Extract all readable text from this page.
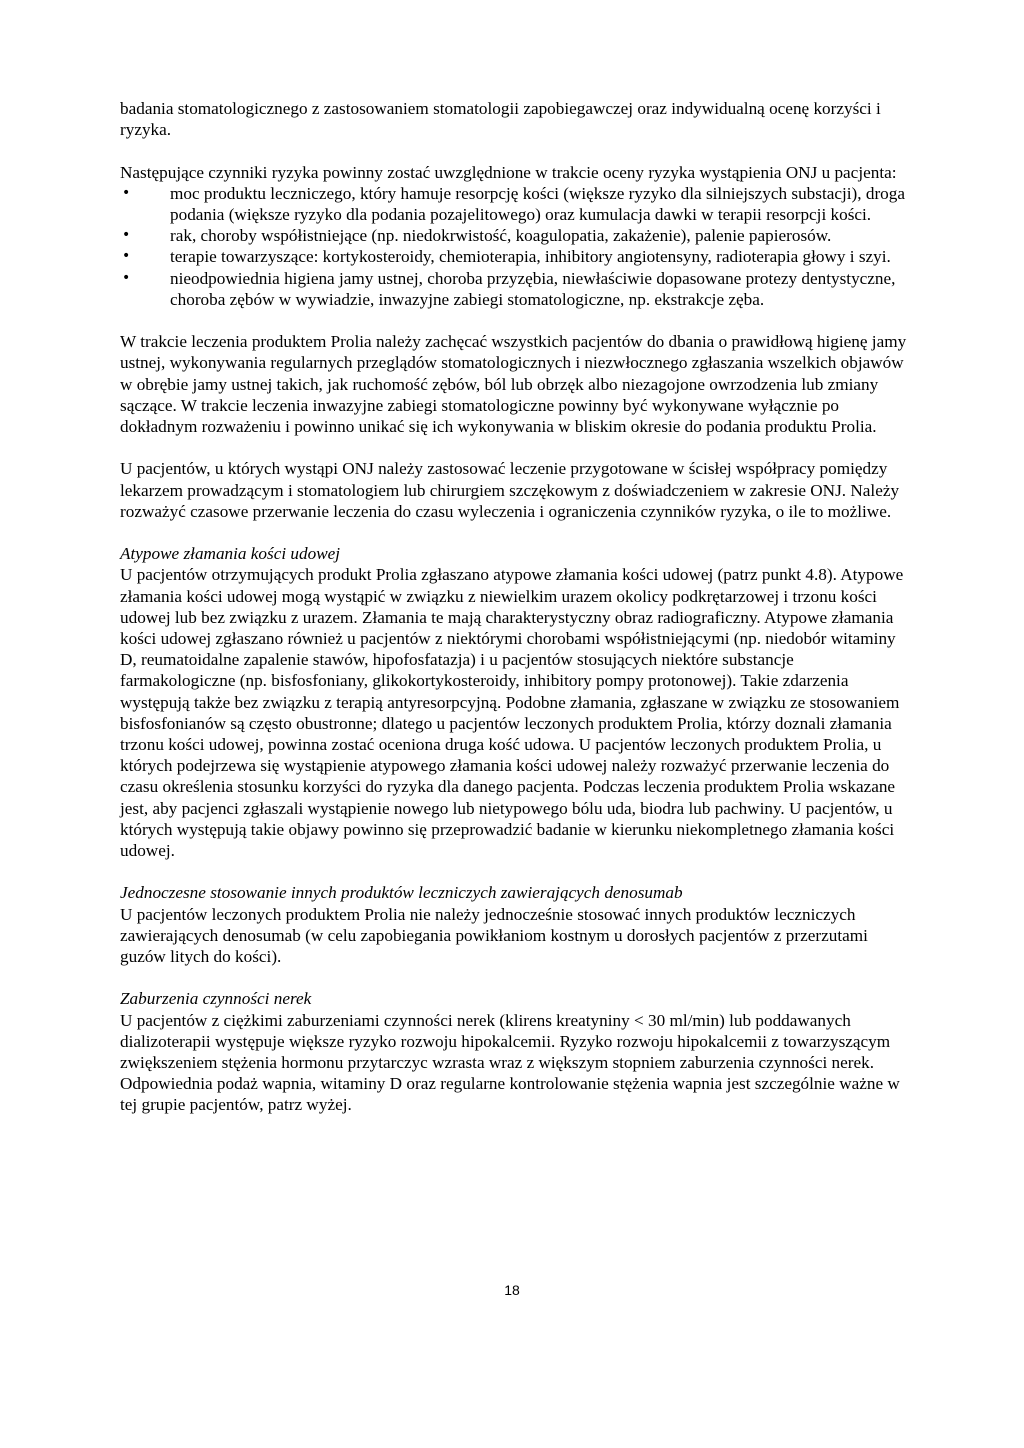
badania stomatologicznego z zastosowaniem stomatologii zapobiegawczej oraz indywidualną ocenę korzyści i ryzyka.

Następujące czynniki ryzyka powinny zostać uwzględnione w trakcie oceny ryzyka wystąpienia ONJ u pacjenta:

• moc produktu leczniczego, który hamuje resorpcję kości (większe ryzyko dla silniejszych substacji), droga podania (większe ryzyko dla podania pozajelitowego) oraz kumulacja dawki w terapii resorpcji kości.
• rak, choroby współistniejące (np. niedokrwistość, koagulopatia, zakażenie), palenie papierosów.
• terapie towarzyszące: kortykosteroidy, chemioterapia, inhibitory angiotensyny, radioterapia głowy i szyi.
• nieodpowiednia higiena jamy ustnej, choroba przyzębia, niewłaściwie dopasowane protezy dentystyczne, choroba zębów w wywiadzie, inwazyjne zabiegi stomatologiczne, np. ekstrakcje zęba.

W trakcie leczenia produktem Prolia należy zachęcać wszystkich pacjentów do dbania o prawidłową higienę jamy ustnej, wykonywania regularnych przeglądów stomatologicznych i niezwłocznego zgłaszania wszelkich objawów w obrębie jamy ustnej takich, jak ruchomość zębów, ból lub obrzęk albo niezagojone owrzodzenia lub zmiany sączące. W trakcie leczenia inwazyjne zabiegi stomatologiczne powinny być wykonywane wyłącznie po dokładnym rozważeniu i powinno unikać się ich wykonywania w bliskim okresie do podania produktu Prolia.

U pacjentów, u których wystąpi ONJ należy zastosować leczenie przygotowane w ścisłej współpracy pomiędzy lekarzem prowadzącym i stomatologiem lub chirurgiem szczękowym z doświadczeniem w zakresie ONJ. Należy rozważyć czasowe przerwanie leczenia do czasu wyleczenia i ograniczenia czynników ryzyka, o ile to możliwe.

Atypowe złamania kości udowej

U pacjentów otrzymujących produkt Prolia zgłaszano atypowe złamania kości udowej (patrz punkt 4.8). Atypowe złamania kości udowej mogą wystąpić w związku z niewielkim urazem okolicy podkrętarzowej i trzonu kości udowej lub bez związku z urazem. Złamania te mają charakterystyczny obraz radiograficzny. Atypowe złamania kości udowej zgłaszano również u pacjentów z niektórymi chorobami współistniejącymi (np. niedobór witaminy D, reumatoidalne zapalenie stawów, hipofosfatazja) i u pacjentów stosujących niektóre substancje farmakologiczne (np. bisfosfoniany, glikokortykosteroidy, inhibitory pompy protonowej). Takie zdarzenia występują także bez związku z terapią antyresorpcyjną. Podobne złamania, zgłaszane w związku ze stosowaniem bisfosfonianów są często obustronne; dlatego u pacjentów leczonych produktem Prolia, którzy doznali złamania trzonu kości udowej, powinna zostać oceniona druga kość udowa. U pacjentów leczonych produktem Prolia, u których podejrzewa się wystąpienie atypowego złamania kości udowej należy rozważyć przerwanie leczenia do czasu określenia stosunku korzyści do ryzyka dla danego pacjenta. Podczas leczenia produktem Prolia wskazane jest, aby pacjenci zgłaszali wystąpienie nowego lub nietypowego bólu uda, biodra lub pachwiny. U pacjentów, u których występują takie objawy powinno się przeprowadzić badanie w kierunku niekompletnego złamania kości udowej.

Jednoczesne stosowanie innych produktów leczniczych zawierających denosumab

U pacjentów leczonych produktem Prolia nie należy jednocześnie stosować innych produktów leczniczych zawierających denosumab (w celu zapobiegania powikłaniom kostnym u dorosłych pacjentów z przerzutami guzów litych do kości).

Zaburzenia czynności nerek

U pacjentów z ciężkimi zaburzeniami czynności nerek (klirens kreatyniny < 30 ml/min) lub poddawanych dializoterapii występuje większe ryzyko rozwoju hipokalcemii. Ryzyko rozwoju hipokalcemii z towarzyszącym zwiększeniem stężenia hormonu przytarczyc wzrasta wraz z większym stopniem zaburzenia czynności nerek. Odpowiednia podaż wapnia, witaminy D oraz regularne kontrolowanie stężenia wapnia jest szczególnie ważne w tej grupie pacjentów, patrz wyżej.

18
